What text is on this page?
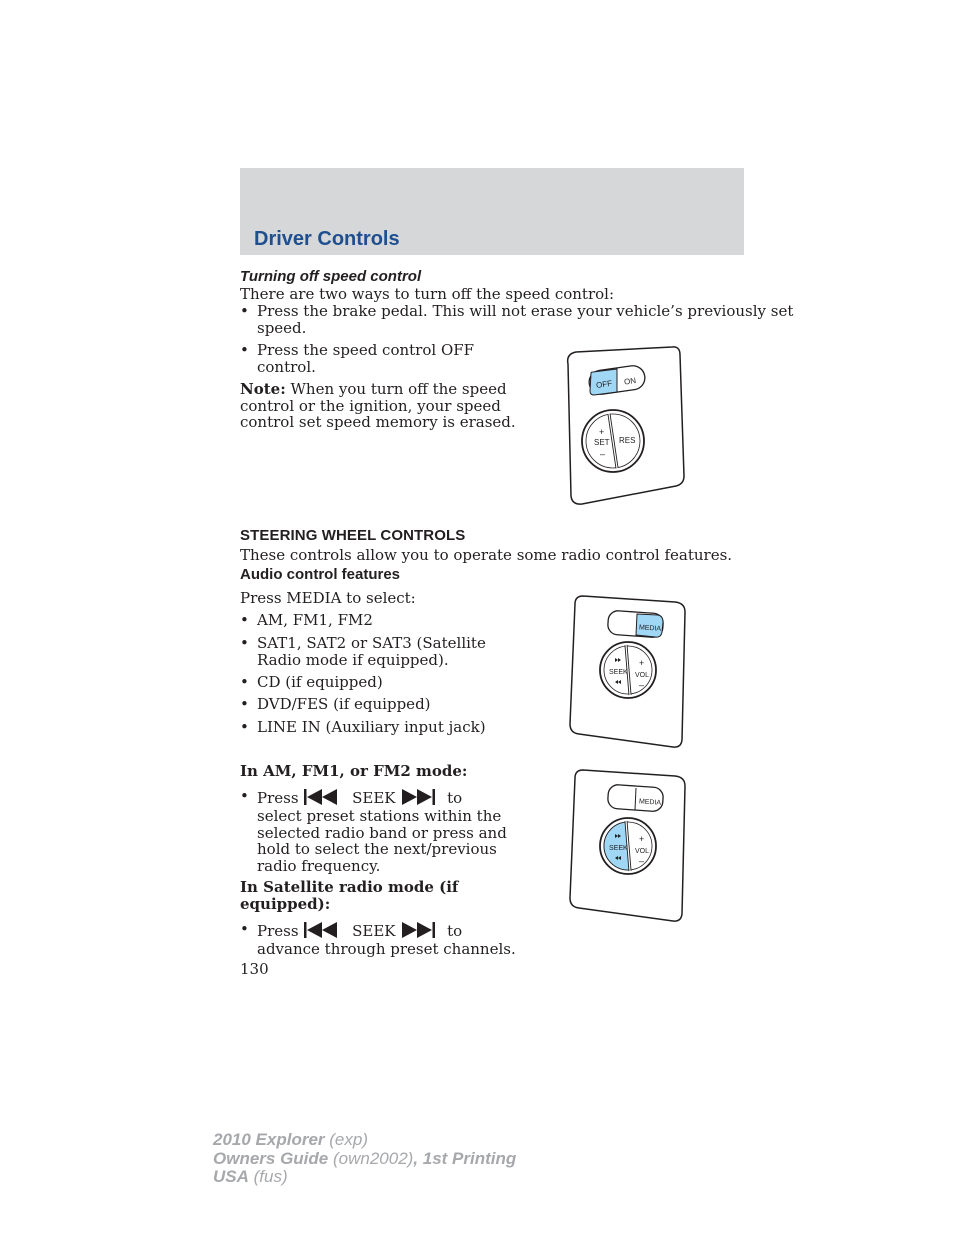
Driver Controls
Turning off speed control
There are two ways to turn off the speed control:
• Press the brake pedal. This will not erase your vehicle’s previously set
speed.
• Press the speed control OFF
control.
Note: When you turn off the speed
control or the ignition, your speed
control set speed memory is erased.
OFF ON
SET RES
+
–
STEERING WHEEL CONTROLS
These controls allow you to operate some radio control features.
Audio control features
Press MEDIA to select:
• AM, FM1, FM2
• SAT1, SAT2 or SAT3 (Satellite
Radio mode if equipped).
• CD (if equipped)
• DVD/FES (if equipped)
• LINE IN (Auxiliary input jack)
MEDIA
SEEK VOL
+
–
In AM, FM1, or FM2 mode:
• Press	SEEK	to
select preset stations within the
selected radio band or press and
hold to select the next/previous
radio frequency.
MEDIA
SEEK VOL
+
–
In Satellite radio mode (if
equipped):
• Press	SEEK	to
advance through preset channels.
130
2010 Explorer (exp)
Owners Guide (own2002), 1st Printing
USA (fus)
